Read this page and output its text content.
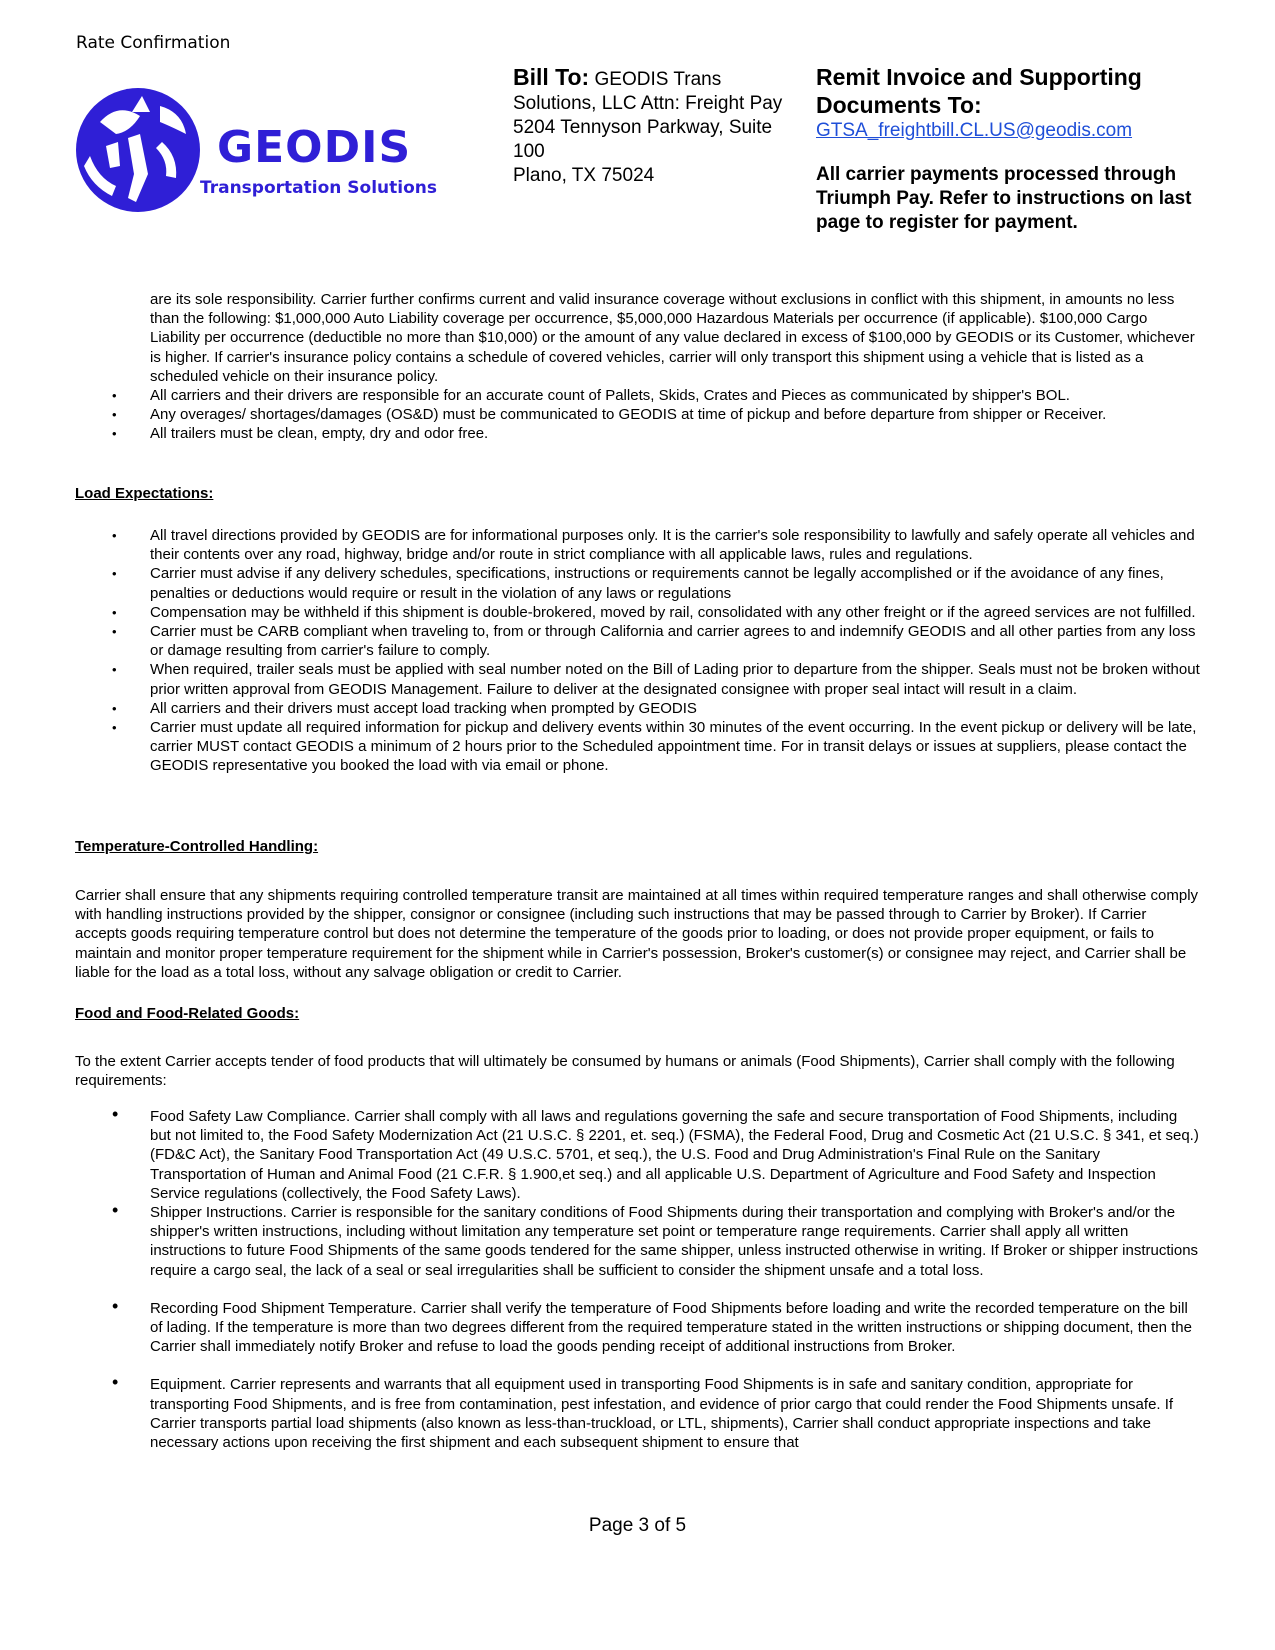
Rate Confirmation
GEODIS
Transportation Solutions
Bill To: GEODIS Trans Solutions, LLC Attn: Freight Pay
5204 Tennyson Parkway, Suite 100
Plano, TX 75024
Remit Invoice and Supporting Documents To:
GTSA_freightbill.CL.US@geodis.com
All carrier payments processed through Triumph Pay. Refer to instructions on last page to register for payment.
are its sole responsibility. Carrier further confirms current and valid insurance coverage without exclusions in conflict with this shipment, in amounts no less than the following: $1,000,000 Auto Liability coverage per occurrence, $5,000,000 Hazardous Materials per occurrence (if applicable). $100,000 Cargo Liability per occurrence (deductible no more than $10,000) or the amount of any value declared in excess of $100,000 by GEODIS or its Customer, whichever is higher. If carrier's insurance policy contains a schedule of covered vehicles, carrier will only transport this shipment using a vehicle that is listed as a scheduled vehicle on their insurance policy.
• All carriers and their drivers are responsible for an accurate count of Pallets, Skids, Crates and Pieces as communicated by shipper's BOL.
• Any overages/ shortages/damages (OS&D) must be communicated to GEODIS at time of pickup and before departure from shipper or Receiver.
• All trailers must be clean, empty, dry and odor free.
Load Expectations:
• All travel directions provided by GEODIS are for informational purposes only. It is the carrier's sole responsibility to lawfully and safely operate all vehicles and their contents over any road, highway, bridge and/or route in strict compliance with all applicable laws, rules and regulations.
• Carrier must advise if any delivery schedules, specifications, instructions or requirements cannot be legally accomplished or if the avoidance of any fines, penalties or deductions would require or result in the violation of any laws or regulations
• Compensation may be withheld if this shipment is double-brokered, moved by rail, consolidated with any other freight or if the agreed services are not fulfilled.
• Carrier must be CARB compliant when traveling to, from or through California and carrier agrees to and indemnify GEODIS and all other parties from any loss or damage resulting from carrier's failure to comply.
• When required, trailer seals must be applied with seal number noted on the Bill of Lading prior to departure from the shipper. Seals must not be broken without prior written approval from GEODIS Management. Failure to deliver at the designated consignee with proper seal intact will result in a claim.
• All carriers and their drivers must accept load tracking when prompted by GEODIS
• Carrier must update all required information for pickup and delivery events within 30 minutes of the event occurring. In the event pickup or delivery will be late, carrier MUST contact GEODIS a minimum of 2 hours prior to the Scheduled appointment time. For in transit delays or issues at suppliers, please contact the GEODIS representative you booked the load with via email or phone.
Temperature-Controlled Handling:
Carrier shall ensure that any shipments requiring controlled temperature transit are maintained at all times within required temperature ranges and shall otherwise comply with handling instructions provided by the shipper, consignor or consignee (including such instructions that may be passed through to Carrier by Broker). If Carrier accepts goods requiring temperature control but does not determine the temperature of the goods prior to loading, or does not provide proper equipment, or fails to maintain and monitor proper temperature requirement for the shipment while in Carrier's possession, Broker's customer(s) or consignee may reject, and Carrier shall be liable for the load as a total loss, without any salvage obligation or credit to Carrier.
Food and Food-Related Goods:
To the extent Carrier accepts tender of food products that will ultimately be consumed by humans or animals (Food Shipments), Carrier shall comply with the following requirements:
• Food Safety Law Compliance. Carrier shall comply with all laws and regulations governing the safe and secure transportation of Food Shipments, including but not limited to, the Food Safety Modernization Act (21 U.S.C. § 2201, et. seq.) (FSMA), the Federal Food, Drug and Cosmetic Act (21 U.S.C. § 341, et seq.) (FD&C Act), the Sanitary Food Transportation Act (49 U.S.C. 5701, et seq.), the U.S. Food and Drug Administration's Final Rule on the Sanitary Transportation of Human and Animal Food (21 C.F.R. § 1.900,et seq.) and all applicable U.S. Department of Agriculture and Food Safety and Inspection Service regulations (collectively, the Food Safety Laws).
• Shipper Instructions. Carrier is responsible for the sanitary conditions of Food Shipments during their transportation and complying with Broker's and/or the shipper's written instructions, including without limitation any temperature set point or temperature range requirements. Carrier shall apply all written instructions to future Food Shipments of the same goods tendered for the same shipper, unless instructed otherwise in writing. If Broker or shipper instructions require a cargo seal, the lack of a seal or seal irregularities shall be sufficient to consider the shipment unsafe and a total loss.
• Recording Food Shipment Temperature. Carrier shall verify the temperature of Food Shipments before loading and write the recorded temperature on the bill of lading. If the temperature is more than two degrees different from the required temperature stated in the written instructions or shipping document, then the Carrier shall immediately notify Broker and refuse to load the goods pending receipt of additional instructions from Broker.
• Equipment. Carrier represents and warrants that all equipment used in transporting Food Shipments is in safe and sanitary condition, appropriate for transporting Food Shipments, and is free from contamination, pest infestation, and evidence of prior cargo that could render the Food Shipments unsafe. If Carrier transports partial load shipments (also known as less-than-truckload, or LTL, shipments), Carrier shall conduct appropriate inspections and take necessary actions upon receiving the first shipment and each subsequent shipment to ensure that
Page 3 of 5
